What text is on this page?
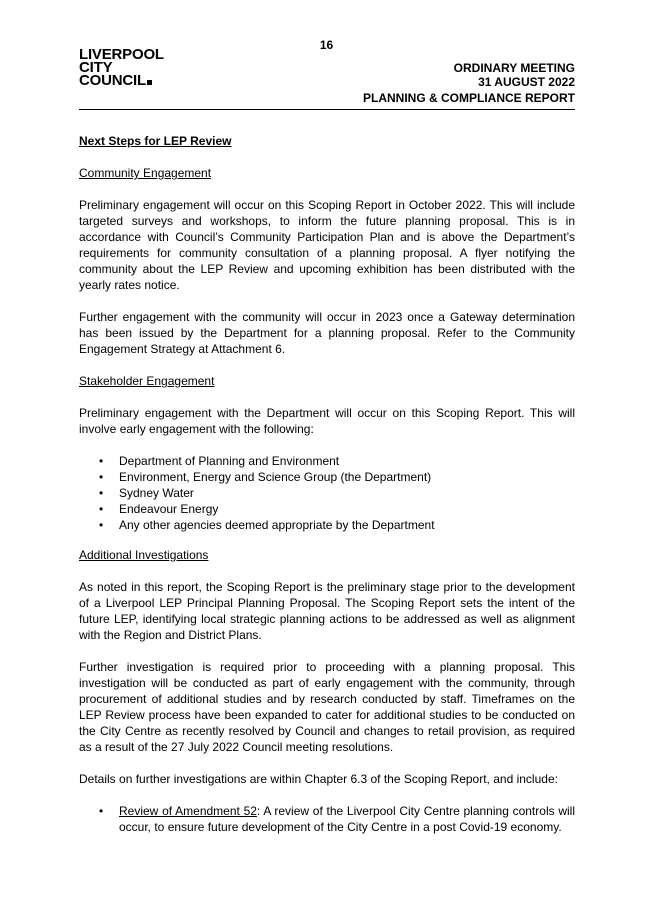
16
LIVERPOOL
CITY
COUNCIL
ORDINARY MEETING
31 AUGUST 2022
PLANNING & COMPLIANCE REPORT

Next Steps for LEP Review

Community Engagement

Preliminary engagement will occur on this Scoping Report in October 2022. This will include targeted surveys and workshops, to inform the future planning proposal. This is in accordance with Council’s Community Participation Plan and is above the Department’s requirements for community consultation of a planning proposal. A flyer notifying the community about the LEP Review and upcoming exhibition has been distributed with the yearly rates notice.

Further engagement with the community will occur in 2023 once a Gateway determination has been issued by the Department for a planning proposal. Refer to the Community Engagement Strategy at Attachment 6.

Stakeholder Engagement

Preliminary engagement with the Department will occur on this Scoping Report. This will involve early engagement with the following:

• Department of Planning and Environment
• Environment, Energy and Science Group (the Department)
• Sydney Water
• Endeavour Energy
• Any other agencies deemed appropriate by the Department

Additional Investigations

As noted in this report, the Scoping Report is the preliminary stage prior to the development of a Liverpool LEP Principal Planning Proposal. The Scoping Report sets the intent of the future LEP, identifying local strategic planning actions to be addressed as well as alignment with the Region and District Plans.

Further investigation is required prior to proceeding with a planning proposal. This investigation will be conducted as part of early engagement with the community, through procurement of additional studies and by research conducted by staff. Timeframes on the LEP Review process have been expanded to cater for additional studies to be conducted on the City Centre as recently resolved by Council and changes to retail provision, as required as a result of the 27 July 2022 Council meeting resolutions.

Details on further investigations are within Chapter 6.3 of the Scoping Report, and include:

• Review of Amendment 52: A review of the Liverpool City Centre planning controls will occur, to ensure future development of the City Centre in a post Covid-19 economy.
